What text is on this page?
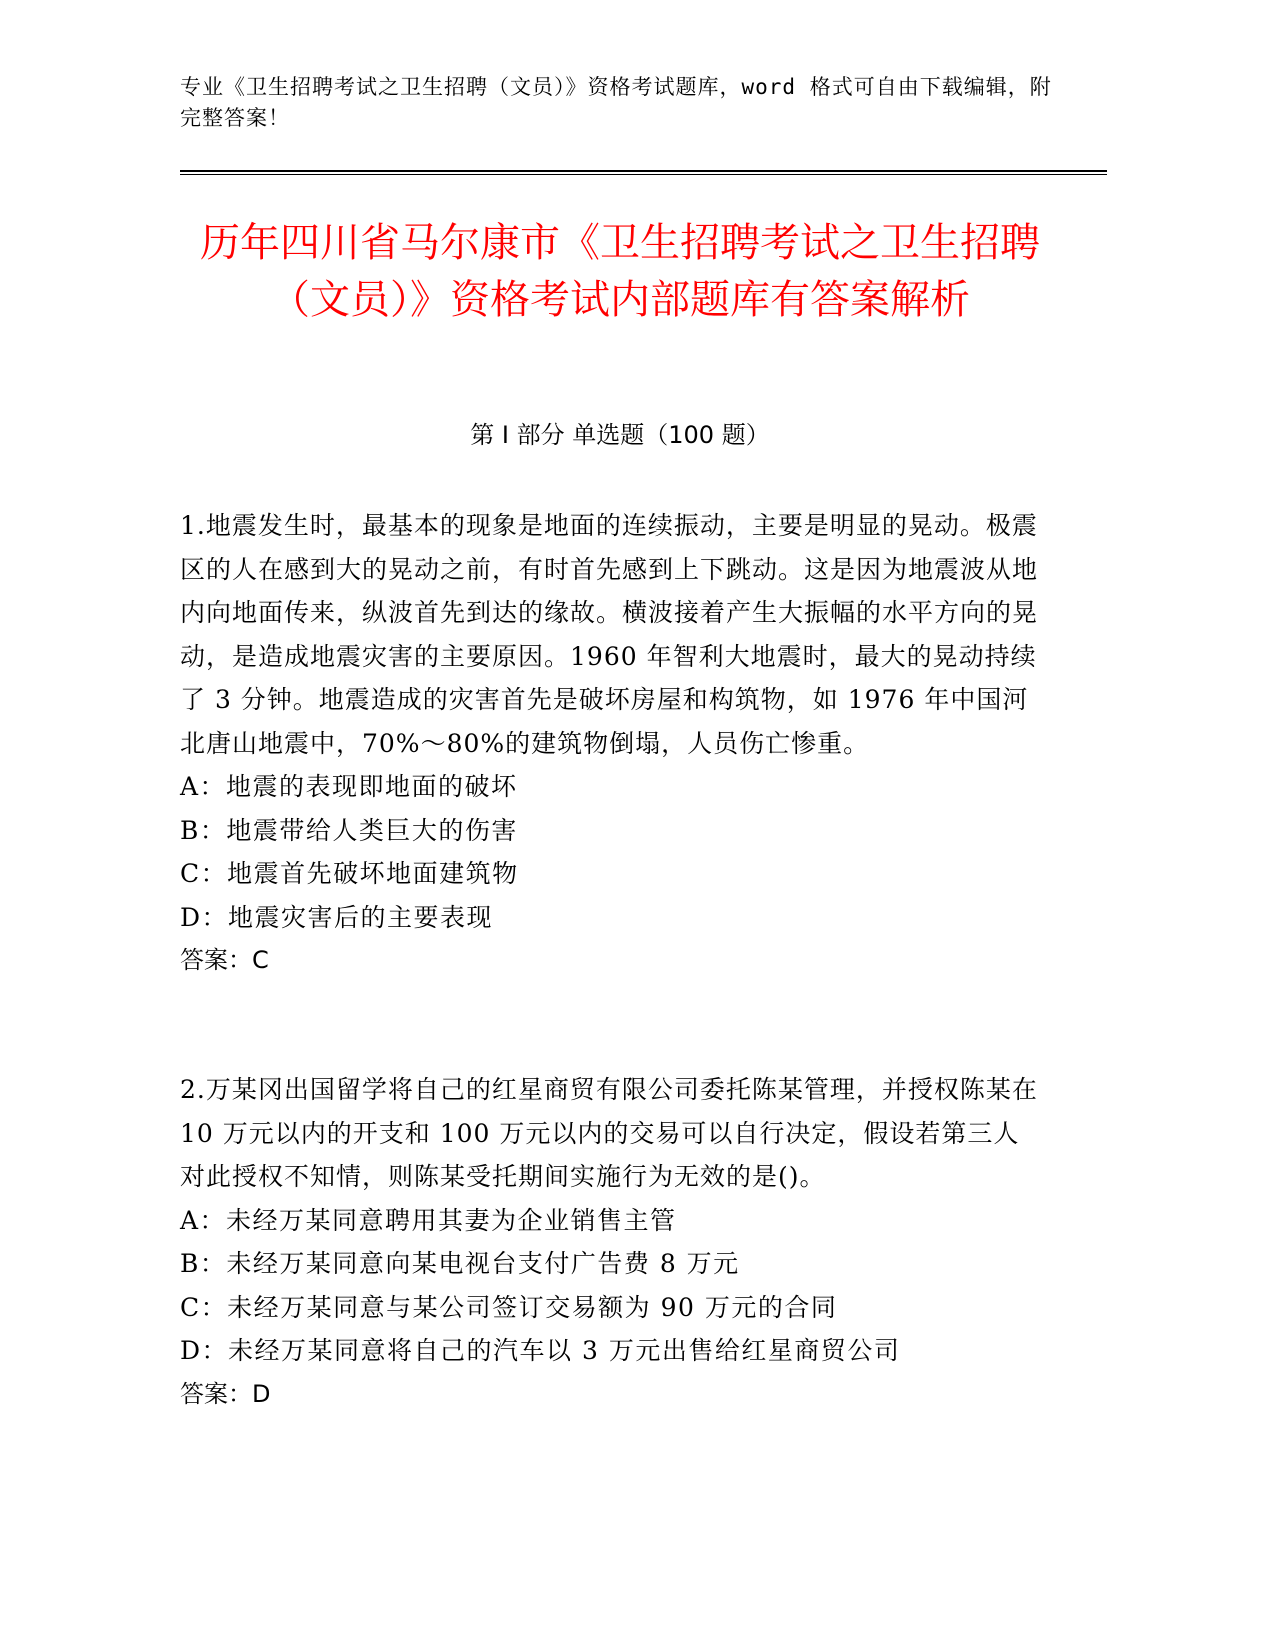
专业《卫生招聘考试之卫生招聘（文员）》资格考试题库，word 格式可自由下载编辑，附完整答案！
历年四川省马尔康市《卫生招聘考试之卫生招聘（文员）》资格考试内部题库有答案解析
第 I 部分 单选题（100 题）

1.地震发生时，最基本的现象是地面的连续振动，主要是明显的晃动。极震区的人在感到大的晃动之前，有时首先感到上下跳动。这是因为地震波从地内向地面传来，纵波首先到达的缘故。横波接着产生大振幅的水平方向的晃动，是造成地震灾害的主要原因。1960 年智利大地震时，最大的晃动持续了 3 分钟。地震造成的灾害首先是破坏房屋和构筑物，如 1976 年中国河北唐山地震中，70%～80%的建筑物倒塌，人员伤亡惨重。

A：地震的表现即地面的破坏

B：地震带给人类巨大的伤害

C：地震首先破坏地面建筑物

D：地震灾害后的主要表现

答案：C

2.万某冈出国留学将自己的红星商贸有限公司委托陈某管理，并授权陈某在 10 万元以内的开支和 100 万元以内的交易可以自行决定，假设若第三人对此授权不知情，则陈某受托期间实施行为无效的是()。

A：未经万某同意聘用其妻为企业销售主管

B：未经万某同意向某电视台支付广告费 8 万元

C：未经万某同意与某公司签订交易额为 90 万元的合同

D：未经万某同意将自己的汽车以 3 万元出售给红星商贸公司

答案：D
